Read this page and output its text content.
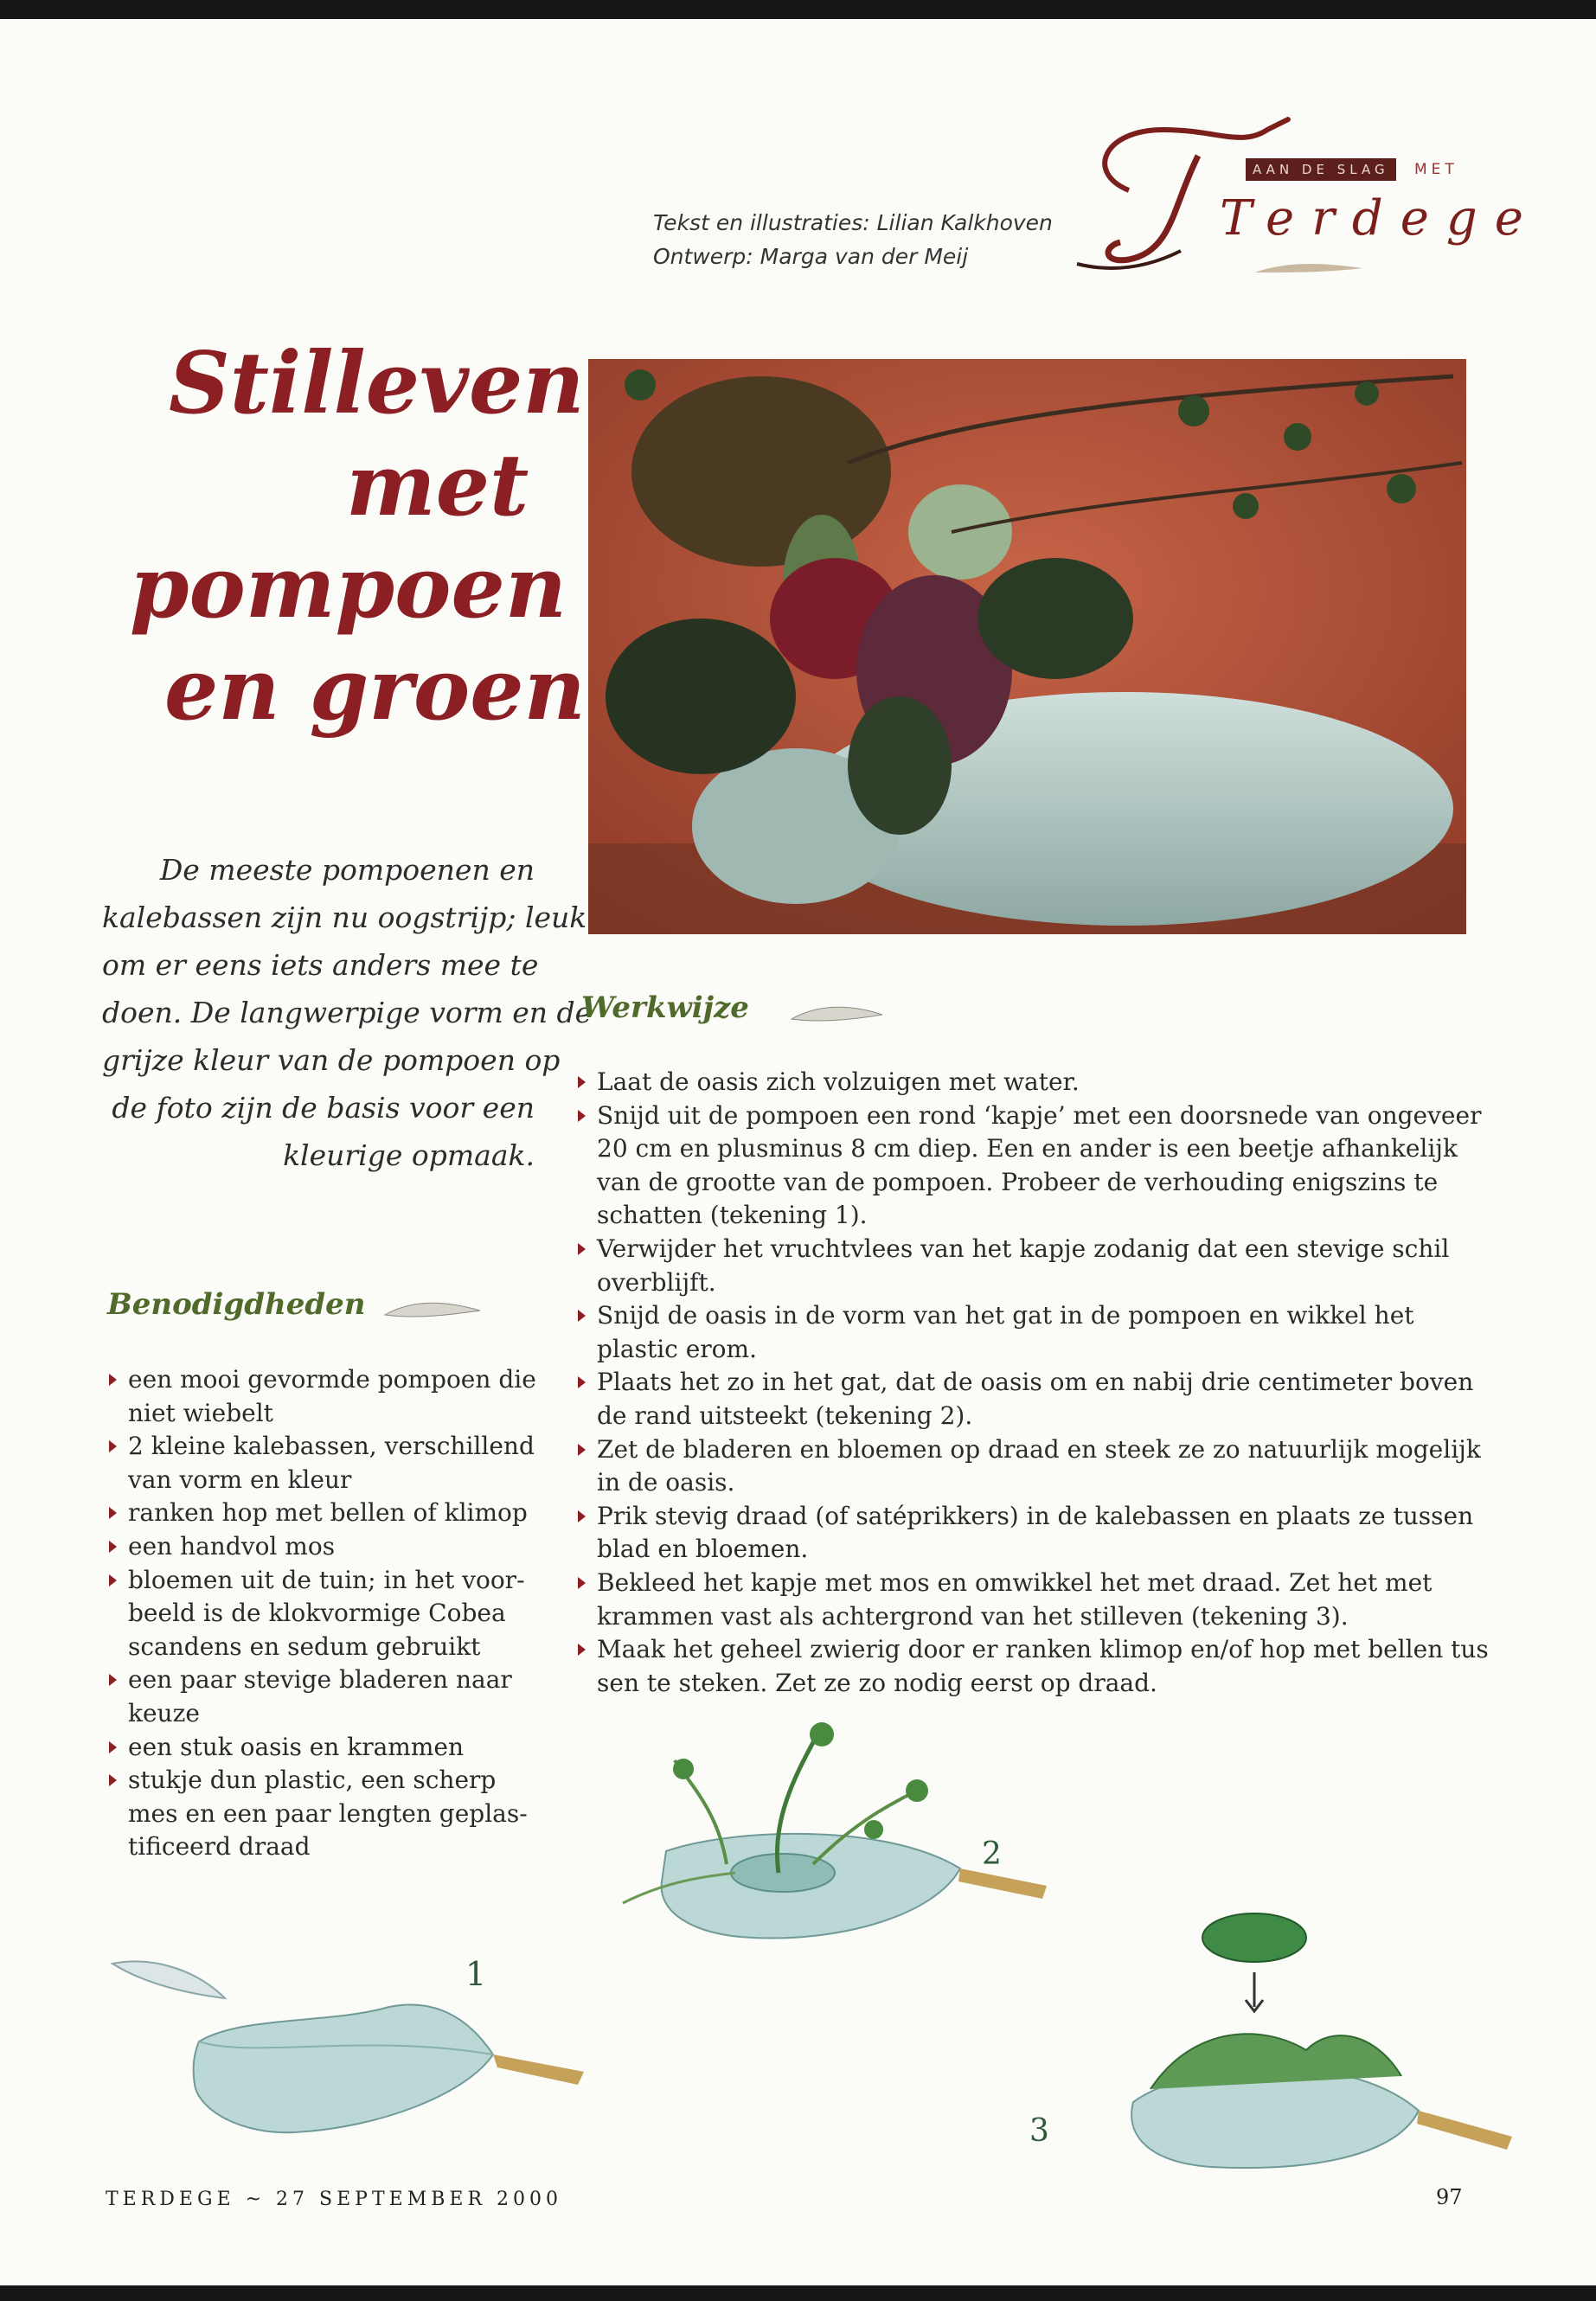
Tekst en illustraties: Lilian Kalkhoven
Ontwerp: Marga van der Meij
AAN DE SLAG	MET
Terdege
Stilleven
met
pompoen
en groen
De meeste pompoenen en
kalebassen zijn nu oogstrijp; leuk
om er eens iets anders mee te
doen. De langwerpige vorm en de
grijze kleur van de pompoen op
de foto zijn de basis voor een
kleurige opmaak.
Benodigdheden
een mooi gevormde pompoen die
niet wiebelt
2 kleine kalebassen, verschillend
van vorm en kleur
ranken hop met bellen of klimop
een handvol mos
bloemen uit de tuin; in het voor-
beeld is de klokvormige Cobea
scandens en sedum gebruikt
een paar stevige bladeren naar
keuze
een stuk oasis en krammen
stukje dun plastic, een scherp
mes en een paar lengten geplas-
tificeerd draad
Werkwijze
Laat de oasis zich volzuigen met water.
Snijd uit de pompoen een rond ‘kapje’ met een doorsnede van ongeveer
20 cm en plusminus 8 cm diep. Een en ander is een beetje afhankelijk
van de grootte van de pompoen. Probeer de verhouding enigszins te
schatten (tekening 1).
Verwijder het vruchtvlees van het kapje zodanig dat een stevige schil
overblijft.
Snijd de oasis in de vorm van het gat in de pompoen en wikkel het
plastic erom.
Plaats het zo in het gat, dat de oasis om en nabij drie centimeter boven
de rand uitsteekt (tekening 2).
Zet de bladeren en bloemen op draad en steek ze zo natuurlijk mogelijk
in de oasis.
Prik stevig draad (of satéprikkers) in de kalebassen en plaats ze tussen
blad en bloemen.
Bekleed het kapje met mos en omwikkel het met draad. Zet het met
krammen vast als achtergrond van het stilleven (tekening 3).
Maak het geheel zwierig door er ranken klimop en/of hop met bellen tus
sen te steken. Zet ze zo nodig eerst op draad.
1
2
3
TERDEGE ~ 27 SEPTEMBER 2000	97
